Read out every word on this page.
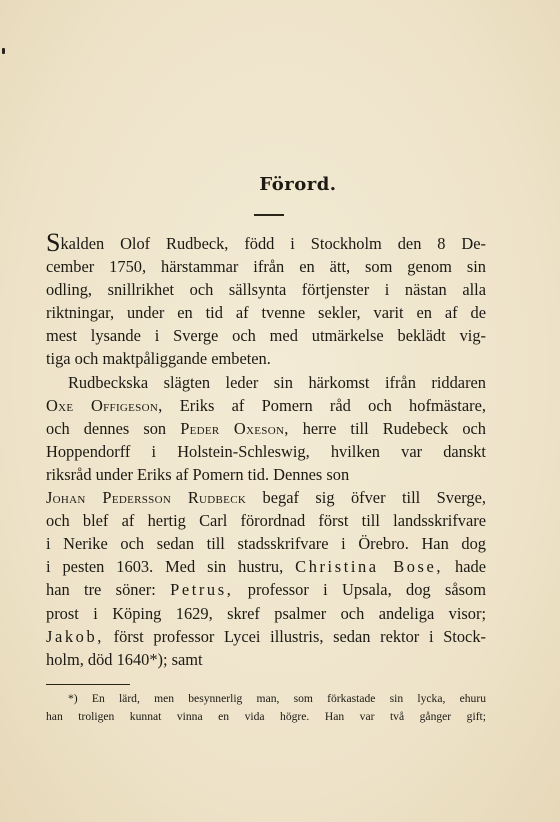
Förord.
Skalden Olof Rudbeck, född i Stockholm den 8 De-
cember 1750, härstammar ifrån en ätt, som genom sin
odling, snillrikhet och sällsynta förtjenster i nästan alla
riktningar, under en tid af tvenne sekler, varit en af de
mest lysande i Sverge och med utmärkelse beklädt vig-
tiga och maktpåliggande embeten.
Rudbeckska slägten leder sin härkomst ifrån riddaren
Oxe Offigeson, Eriks af Pomern råd och hofmästare,
och dennes son Peder Oxeson, herre till Rudebeck och
Hoppendorff i Holstein-Schleswig, hvilken var danskt
riksråd under Eriks af Pomern tid. Dennes son
Johan Pedersson Rudbeck begaf sig öfver till Sverge,
och blef af hertig Carl förordnad först till landsskrifvare
i Nerike och sedan till stadsskrifvare i Örebro. Han dog
i pesten 1603. Med sin hustru, Christina Bose, hade
han tre söner: Petrus, professor i Upsala, dog såsom
prost i Köping 1629, skref psalmer och andeliga visor;
Jakob, först professor Lycei illustris, sedan rektor i Stock-
holm, död 1640*); samt
*) En lärd, men besynnerlig man, som förkastade sin lycka, ehuru
han troligen kunnat vinna en vida högre. Han var två gånger gift;
